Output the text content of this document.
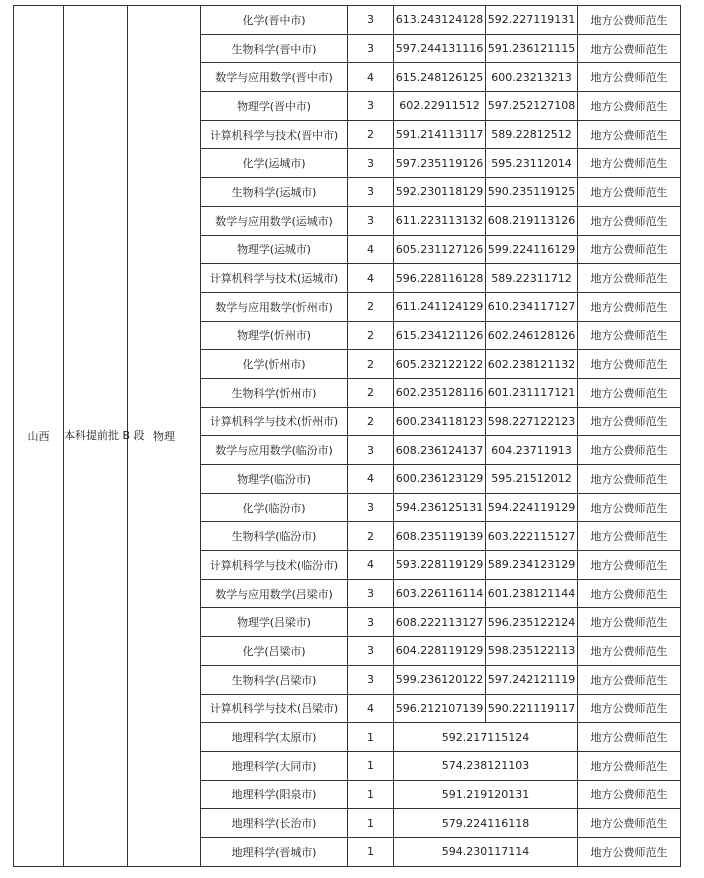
山西	本科提前批 B 段	物理	化学(晋中市)	3	613.243124128	592.227119131	地方公费师范生
			生物科学(晋中市)	3	597.244131116	591.236121115	地方公费师范生
			数学与应用数学(晋中市)	4	615.248126125	600.23213213	地方公费师范生
			物理学(晋中市)	3	602.22911512	597.252127108	地方公费师范生
			计算机科学与技术(晋中市)	2	591.214113117	589.22812512	地方公费师范生
			化学(运城市)	3	597.235119126	595.23112014	地方公费师范生
			生物科学(运城市)	3	592.230118129	590.235119125	地方公费师范生
			数学与应用数学(运城市)	3	611.223113132	608.219113126	地方公费师范生
			物理学(运城市)	4	605.231127126	599.224116129	地方公费师范生
			计算机科学与技术(运城市)	4	596.228116128	589.22311712	地方公费师范生
			数学与应用数学(忻州市)	2	611.241124129	610.234117127	地方公费师范生
			物理学(忻州市)	2	615.234121126	602.246128126	地方公费师范生
			化学(忻州市)	2	605.232122122	602.238121132	地方公费师范生
			生物科学(忻州市)	2	602.235128116	601.231117121	地方公费师范生
			计算机科学与技术(忻州市)	2	600.234118123	598.227122123	地方公费师范生
			数学与应用数学(临汾市)	3	608.236124137	604.23711913	地方公费师范生
			物理学(临汾市)	4	600.236123129	595.21512012	地方公费师范生
			化学(临汾市)	3	594.236125131	594.224119129	地方公费师范生
			生物科学(临汾市)	2	608.235119139	603.222115127	地方公费师范生
			计算机科学与技术(临汾市)	4	593.228119129	589.234123129	地方公费师范生
			数学与应用数学(吕梁市)	3	603.226116114	601.238121144	地方公费师范生
			物理学(吕梁市)	3	608.222113127	596.235122124	地方公费师范生
			化学(吕梁市)	3	604.228119129	598.235122113	地方公费师范生
			生物科学(吕梁市)	3	599.236120122	597.242121119	地方公费师范生
			计算机科学与技术(吕梁市)	4	596.212107139	590.221119117	地方公费师范生
			地理科学(太原市)	1	592.217115124		地方公费师范生
			地理科学(大同市)	1	574.238121103		地方公费师范生
			地理科学(阳泉市)	1	591.219120131		地方公费师范生
			地理科学(长治市)	1	579.224116118		地方公费师范生
			地理科学(晋城市)	1	594.230117114		地方公费师范生
